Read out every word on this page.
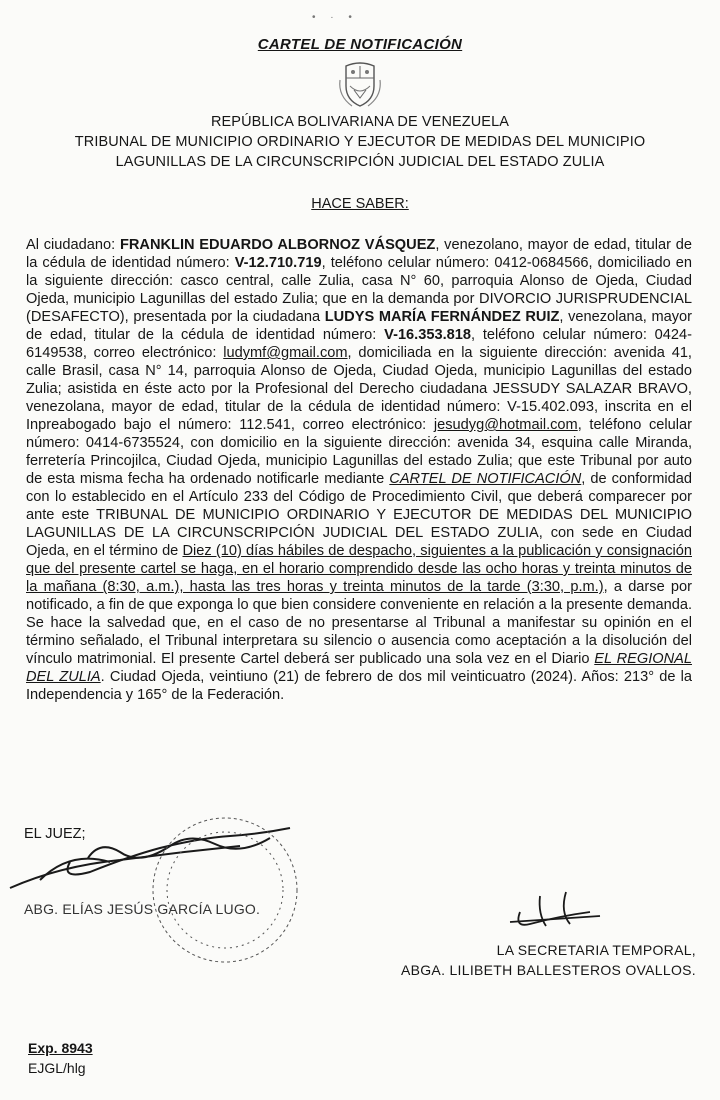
• · •
CARTEL DE NOTIFICACIÓN
REPÚBLICA BOLIVARIANA DE VENEZUELA
TRIBUNAL DE MUNICIPIO ORDINARIO Y EJECUTOR DE MEDIDAS DEL MUNICIPIO
LAGUNILLAS DE LA CIRCUNSCRIPCIÓN JUDICIAL DEL ESTADO ZULIA
HACE SABER:
Al ciudadano: FRANKLIN EDUARDO ALBORNOZ VÁSQUEZ, venezolano, mayor de edad, titular de la cédula de identidad número: V-12.710.719, teléfono celular número: 0412-0684566, domiciliado en la siguiente dirección: casco central, calle Zulia, casa N° 60, parroquia Alonso de Ojeda, Ciudad Ojeda, municipio Lagunillas del estado Zulia; que en la demanda por DIVORCIO JURISPRUDENCIAL (DESAFECTO), presentada por la ciudadana LUDYS MARÍA FERNÁNDEZ RUIZ, venezolana, mayor de edad, titular de la cédula de identidad número: V-16.353.818, teléfono celular número: 0424-6149538, correo electrónico: ludymf@gmail.com, domiciliada en la siguiente dirección: avenida 41, calle Brasil, casa N° 14, parroquia Alonso de Ojeda, Ciudad Ojeda, municipio Lagunillas del estado Zulia; asistida en éste acto por la Profesional del Derecho ciudadana JESSUDY SALAZAR BRAVO, venezolana, mayor de edad, titular de la cédula de identidad número: V-15.402.093, inscrita en el Inpreabogado bajo el número: 112.541, correo electrónico: jesudyg@hotmail.com, teléfono celular número: 0414-6735524, con domicilio en la siguiente dirección: avenida 34, esquina calle Miranda, ferretería Princojilca, Ciudad Ojeda, municipio Lagunillas del estado Zulia; que este Tribunal por auto de esta misma fecha ha ordenado notificarle mediante CARTEL DE NOTIFICACIÓN, de conformidad con lo establecido en el Artículo 233 del Código de Procedimiento Civil, que deberá comparecer por ante este TRIBUNAL DE MUNICIPIO ORDINARIO Y EJECUTOR DE MEDIDAS DEL MUNICIPIO LAGUNILLAS DE LA CIRCUNSCRIPCIÓN JUDICIAL DEL ESTADO ZULIA, con sede en Ciudad Ojeda, en el término de Diez (10) días hábiles de despacho, siguientes a la publicación y consignación que del presente cartel se haga, en el horario comprendido desde las ocho horas y treinta minutos de la mañana (8:30, a.m.), hasta las tres horas y treinta minutos de la tarde (3:30, p.m.), a darse por notificado, a fin de que exponga lo que bien considere conveniente en relación a la presente demanda. Se hace la salvedad que, en el caso de no presentarse al Tribunal a manifestar su opinión en el término señalado, el Tribunal interpretara su silencio o ausencia como aceptación a la disolución del vínculo matrimonial. El presente Cartel deberá ser publicado una sola vez en el Diario EL REGIONAL DEL ZULIA. Ciudad Ojeda, veintiuno (21) de febrero de dos mil veinticuatro (2024). Años: 213° de la Independencia y 165° de la Federación.
EL JUEZ;
ABG. ELÍAS JESÚS GARCÍA LUGO.
LA SECRETARIA TEMPORAL,
ABGA. LILIBETH BALLESTEROS OVALLOS.
Exp. 8943
EJGL/hlg
